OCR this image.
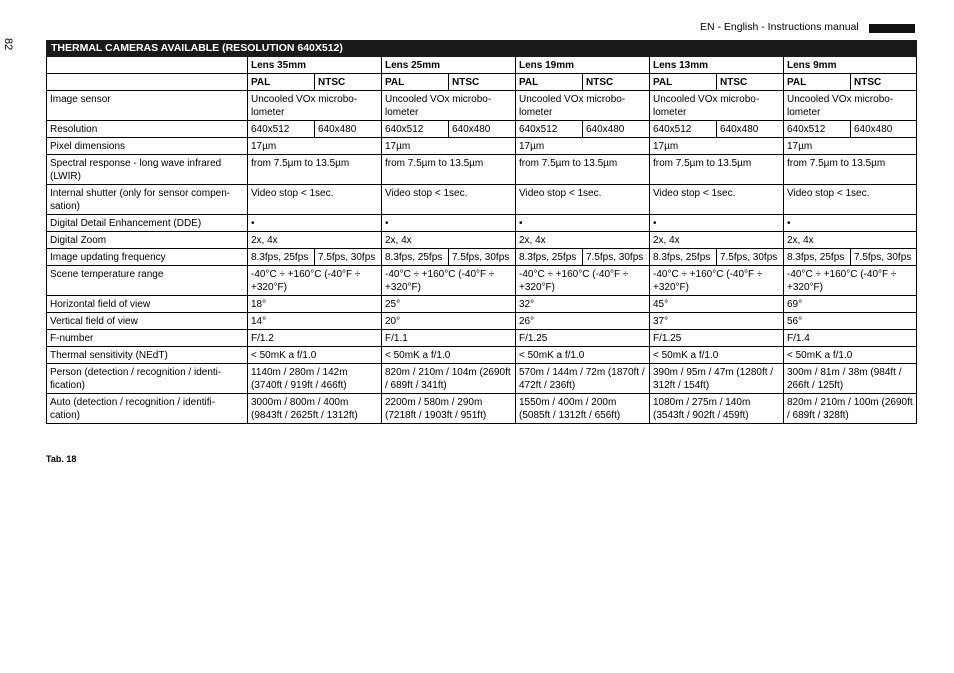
82
EN - English - Instructions manual
THERMAL CAMERAS AVAILABLE (RESOLUTION 640X512)										
	Lens 35mm		Lens 25mm		Lens 19mm		Lens 13mm		Lens 9mm	
	PAL	NTSC	PAL	NTSC	PAL	NTSC	PAL	NTSC	PAL	NTSC
Image sensor	Uncooled VOx microbo-lometer		Uncooled VOx microbo-lometer		Uncooled VOx microbo-lometer		Uncooled VOx microbo-lometer		Uncooled VOx microbo-lometer	
Resolution	640x512	640x480	640x512	640x480	640x512	640x480	640x512	640x480	640x512	640x480
Pixel dimensions	17µm		17µm		17µm		17µm		17µm	
Spectral response - long wave infrared (LWIR)	from 7.5µm to 13.5µm		from 7.5µm to 13.5µm		from 7.5µm to 13.5µm		from 7.5µm to 13.5µm		from 7.5µm to 13.5µm	
Internal shutter (only for sensor compen-sation)	Video stop < 1sec.		Video stop < 1sec.		Video stop < 1sec.		Video stop < 1sec.		Video stop < 1sec.	
Digital Detail Enhancement (DDE)	•		•		•		•		•	
Digital Zoom	2x, 4x		2x, 4x		2x, 4x		2x, 4x		2x, 4x	
Image updating frequency	8.3fps, 25fps	7.5fps, 30fps	8.3fps, 25fps	7.5fps, 30fps	8.3fps, 25fps	7.5fps, 30fps	8.3fps, 25fps	7.5fps, 30fps	8.3fps, 25fps	7.5fps, 30fps
Scene temperature range	-40°C ÷ +160°C (-40°F ÷ +320°F)		-40°C ÷ +160°C (-40°F ÷ +320°F)		-40°C ÷ +160°C (-40°F ÷ +320°F)		-40°C ÷ +160°C (-40°F ÷ +320°F)		-40°C ÷ +160°C (-40°F ÷ +320°F)	
Horizontal field of view	18°		25°		32°		45°		69°	
Vertical field of view	14°		20°		26°		37°		56°	
F-number	F/1.2		F/1.1		F/1.25		F/1.25		F/1.4	
Thermal sensitivity (NEdT)	< 50mK a f/1.0		< 50mK a f/1.0		< 50mK a f/1.0		< 50mK a f/1.0		< 50mK a f/1.0	
Person (detection / recognition / identi-fication)	1140m / 280m / 142m (3740ft / 919ft / 466ft)		820m / 210m / 104m (2690ft / 689ft / 341ft)		570m / 144m / 72m (1870ft / 472ft / 236ft)		390m / 95m / 47m (1280ft / 312ft / 154ft)		300m / 81m / 38m (984ft / 266ft / 125ft)	
Auto (detection / recognition / identifi-cation)	3000m / 800m / 400m (9843ft / 2625ft / 1312ft)		2200m / 580m / 290m (7218ft / 1903ft / 951ft)		1550m / 400m / 200m (5085ft / 1312ft / 656ft)		1080m / 275m / 140m (3543ft / 902ft / 459ft)		820m / 210m / 100m (2690ft / 689ft / 328ft)	
Tab. 18
